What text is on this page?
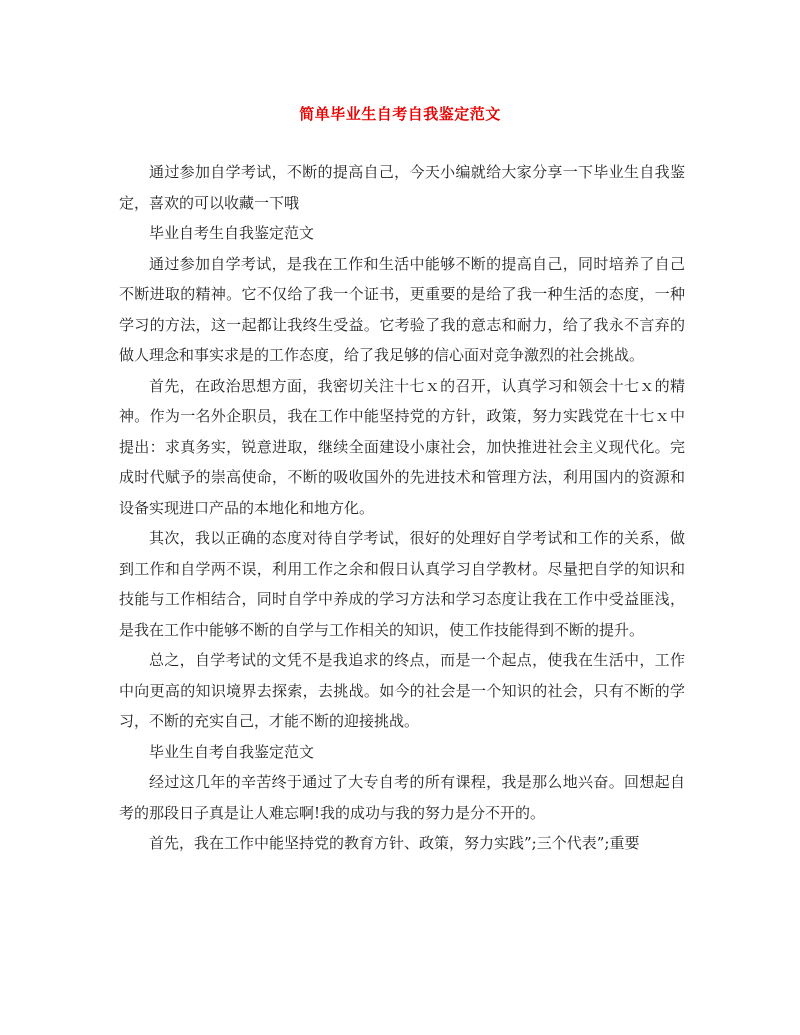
简单毕业生自考自我鉴定范文

通过参加自学考试，不断的提高自己，今天小编就给大家分享一下毕业生自我鉴定，喜欢的可以收藏一下哦

毕业自考生自我鉴定范文

通过参加自学考试，是我在工作和生活中能够不断的提高自己，同时培养了自己不断进取的精神。它不仅给了我一个证书，更重要的是给了我一种生活的态度，一种学习的方法，这一起都让我终生受益。它考验了我的意志和耐力，给了我永不言弃的做人理念和事实求是的工作态度，给了我足够的信心面对竞争激烈的社会挑战。

首先，在政治思想方面，我密切关注十七ｘ的召开，认真学习和领会十七ｘ的精神。作为一名外企职员，我在工作中能坚持党的方针，政策，努力实践党在十七ｘ中提出：求真务实，锐意进取，继续全面建设小康社会，加快推进社会主义现代化。完成时代赋予的崇高使命，不断的吸收国外的先进技术和管理方法，利用国内的资源和设备实现进口产品的本地化和地方化。

其次，我以正确的态度对待自学考试，很好的处理好自学考试和工作的关系，做到工作和自学两不误，利用工作之余和假日认真学习自学教材。尽量把自学的知识和技能与工作相结合，同时自学中养成的学习方法和学习态度让我在工作中受益匪浅，是我在工作中能够不断的自学与工作相关的知识，使工作技能得到不断的提升。

总之，自学考试的文凭不是我追求的终点，而是一个起点，使我在生活中，工作中向更高的知识境界去探索，去挑战。如今的社会是一个知识的社会，只有不断的学习，不断的充实自己，才能不断的迎接挑战。

毕业生自考自我鉴定范文

经过这几年的辛苦终于通过了大专自考的所有课程，我是那么地兴奋。回想起自考的那段日子真是让人难忘啊!我的成功与我的努力是分不开的。

首先，我在工作中能坚持党的教育方针、政策，努力实践”;三个代表”;重要
